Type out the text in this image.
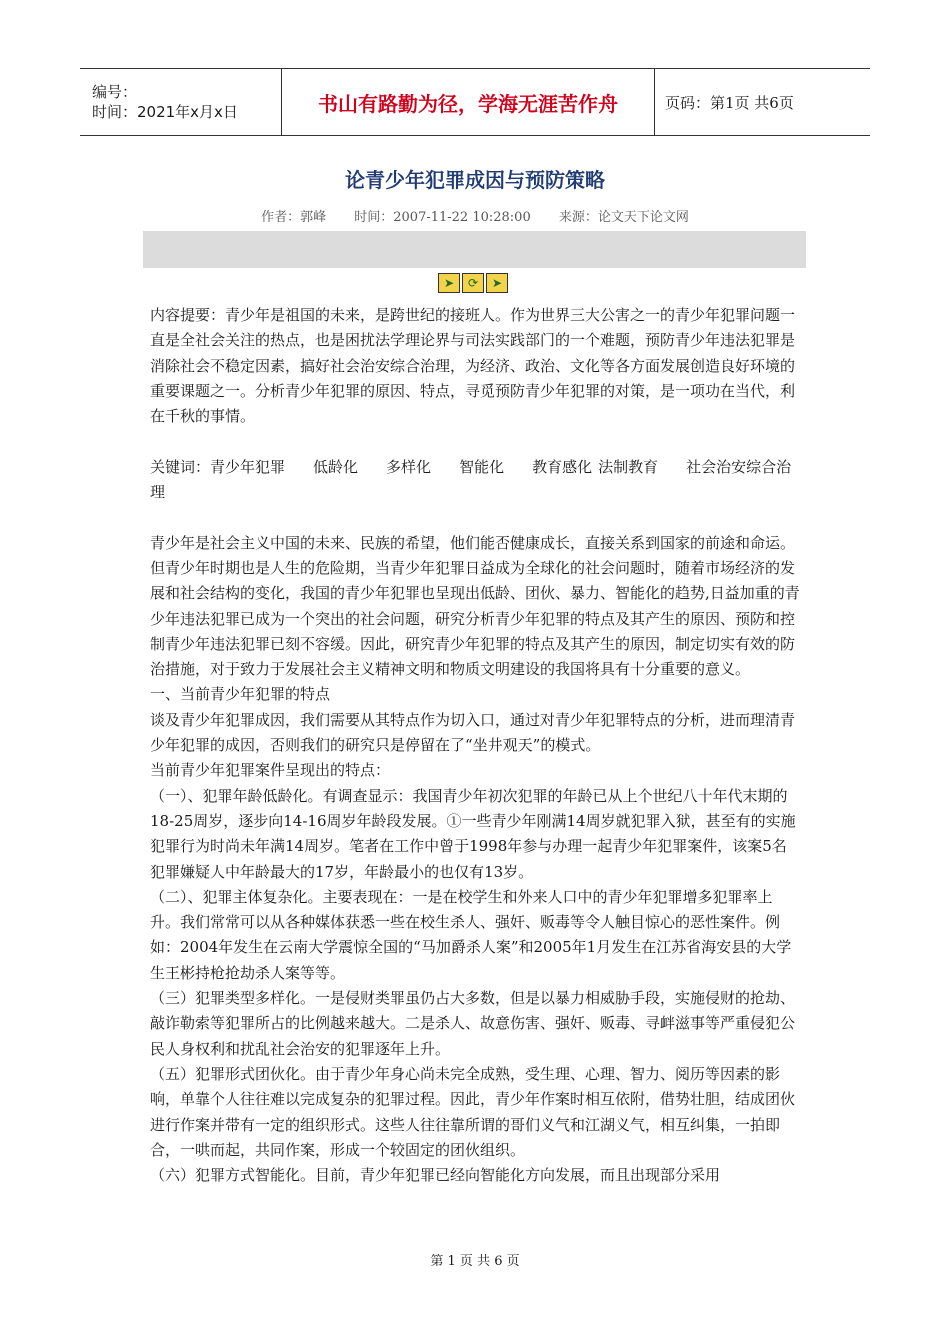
编号：
时间：2021年x月x日	书山有路勤为径，学海无涯苦作舟	页码：第1页 共6页
论青少年犯罪成因与预防策略
作者：郭峰 时间：2007-11-22 10:28:00 来源：论文天下论文网
➤	⟳	➤

内容提要：青少年是祖国的未来，是跨世纪的接班人。作为世界三大公害之一的青少年犯罪问题一直是全社会关注的热点，也是困扰法学理论界与司法实践部门的一个难题，预防青少年违法犯罪是消除社会不稳定因素，搞好社会治安综合治理，为经济、政治、文化等各方面发展创造良好环境的重要课题之一。分析青少年犯罪的原因、特点，寻觅预防青少年犯罪的对策，是一项功在当代，利在千秋的事情。

关键词：青少年犯罪 低龄化 多样化 智能化 教育感化 法制教育 社会治安综合治理

青少年是社会主义中国的未来、民族的希望，他们能否健康成长，直接关系到国家的前途和命运。但青少年时期也是人生的危险期，当青少年犯罪日益成为全球化的社会问题时，随着市场经济的发展和社会结构的变化，我国的青少年犯罪也呈现出低龄、团伙、暴力、智能化的趋势,日益加重的青少年违法犯罪已成为一个突出的社会问题，研究分析青少年犯罪的特点及其产生的原因、预防和控制青少年违法犯罪已刻不容缓。因此，研究青少年犯罪的特点及其产生的原因，制定切实有效的防治措施，对于致力于发展社会主义精神文明和物质文明建设的我国将具有十分重要的意义。

一、当前青少年犯罪的特点

谈及青少年犯罪成因，我们需要从其特点作为切入口，通过对青少年犯罪特点的分析，进而理清青少年犯罪的成因，否则我们的研究只是停留在了“坐井观天”的模式。

当前青少年犯罪案件呈现出的特点：

（一）、犯罪年龄低龄化。有调查显示：我国青少年初次犯罪的年龄已从上个世纪八十年代末期的18-25周岁，逐步向14-16周岁年龄段发展。①一些青少年刚满14周岁就犯罪入狱，甚至有的实施犯罪行为时尚未年满14周岁。笔者在工作中曾于1998年参与办理一起青少年犯罪案件，该案5名犯罪嫌疑人中年龄最大的17岁，年龄最小的也仅有13岁。

（二）、犯罪主体复杂化。主要表现在：一是在校学生和外来人口中的青少年犯罪增多犯罪率上升。我们常常可以从各种媒体获悉一些在校生杀人、强奸、贩毒等令人触目惊心的恶性案件。例如：2004年发生在云南大学震惊全国的“马加爵杀人案”和2005年1月发生在江苏省海安县的大学生王彬持枪抢劫杀人案等等。

（三）犯罪类型多样化。一是侵财类罪虽仍占大多数，但是以暴力相威胁手段，实施侵财的抢劫、敲诈勒索等犯罪所占的比例越来越大。二是杀人、故意伤害、强奸、贩毒、寻衅滋事等严重侵犯公民人身权利和扰乱社会治安的犯罪逐年上升。

（五）犯罪形式团伙化。由于青少年身心尚未完全成熟，受生理、心理、智力、阅历等因素的影响，单靠个人往往难以完成复杂的犯罪过程。因此，青少年作案时相互依附，借势壮胆，结成团伙进行作案并带有一定的组织形式。这些人往往靠所谓的哥们义气和江湖义气，相互纠集，一拍即合，一哄而起，共同作案，形成一个较固定的团伙组织。

（六）犯罪方式智能化。目前，青少年犯罪已经向智能化方向发展，而且出现部分采用

第 1 页 共 6 页
